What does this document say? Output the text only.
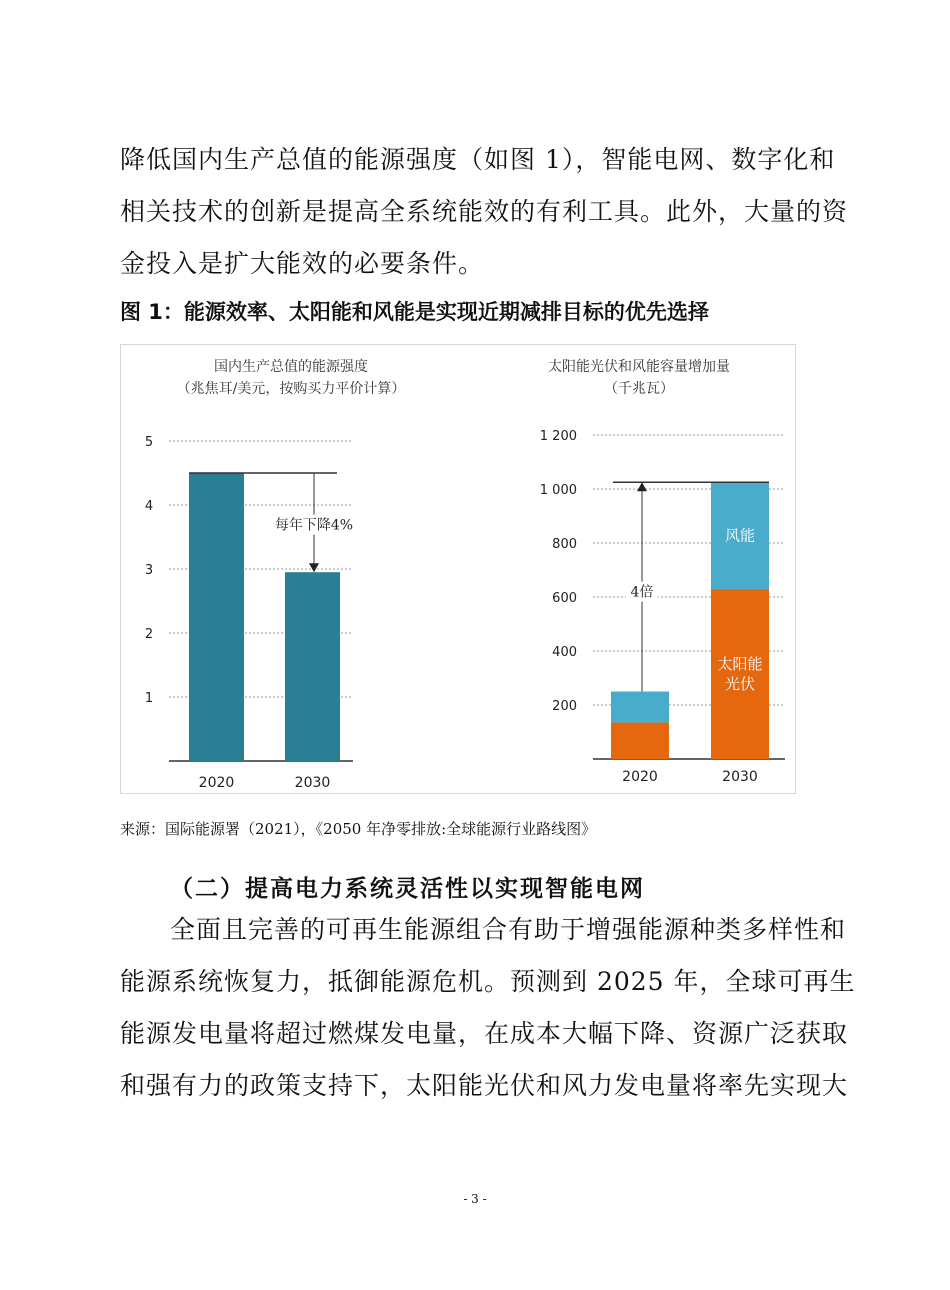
降低国内生产总值的能源强度（如图 1），智能电网、数字化和
相关技术的创新是提高全系统能效的有利工具。此外，大量的资
金投入是扩大能效的必要条件。

图 1：能源效率、太阳能和风能是实现近期减排目标的优先选择

国内生产总值的能源强度
（兆焦耳/美元，按购买力平价计算）
1
2
3
4
5
2020	2030
每年下降4%
太阳能光伏和风能容量增加量
（千兆瓦）
200
400
600
800
1 000
1 200
2020	2030
4倍
太阳能
光伏
风能

来源：国际能源署（2021），《2050 年净零排放:全球能源行业路线图》

（二）提高电力系统灵活性以实现智能电网

全面且完善的可再生能源组合有助于增强能源种类多样性和
能源系统恢复力，抵御能源危机。预测到 2025 年，全球可再生
能源发电量将超过燃煤发电量，在成本大幅下降、资源广泛获取
和强有力的政策支持下，太阳能光伏和风力发电量将率先实现大

- 3 -
